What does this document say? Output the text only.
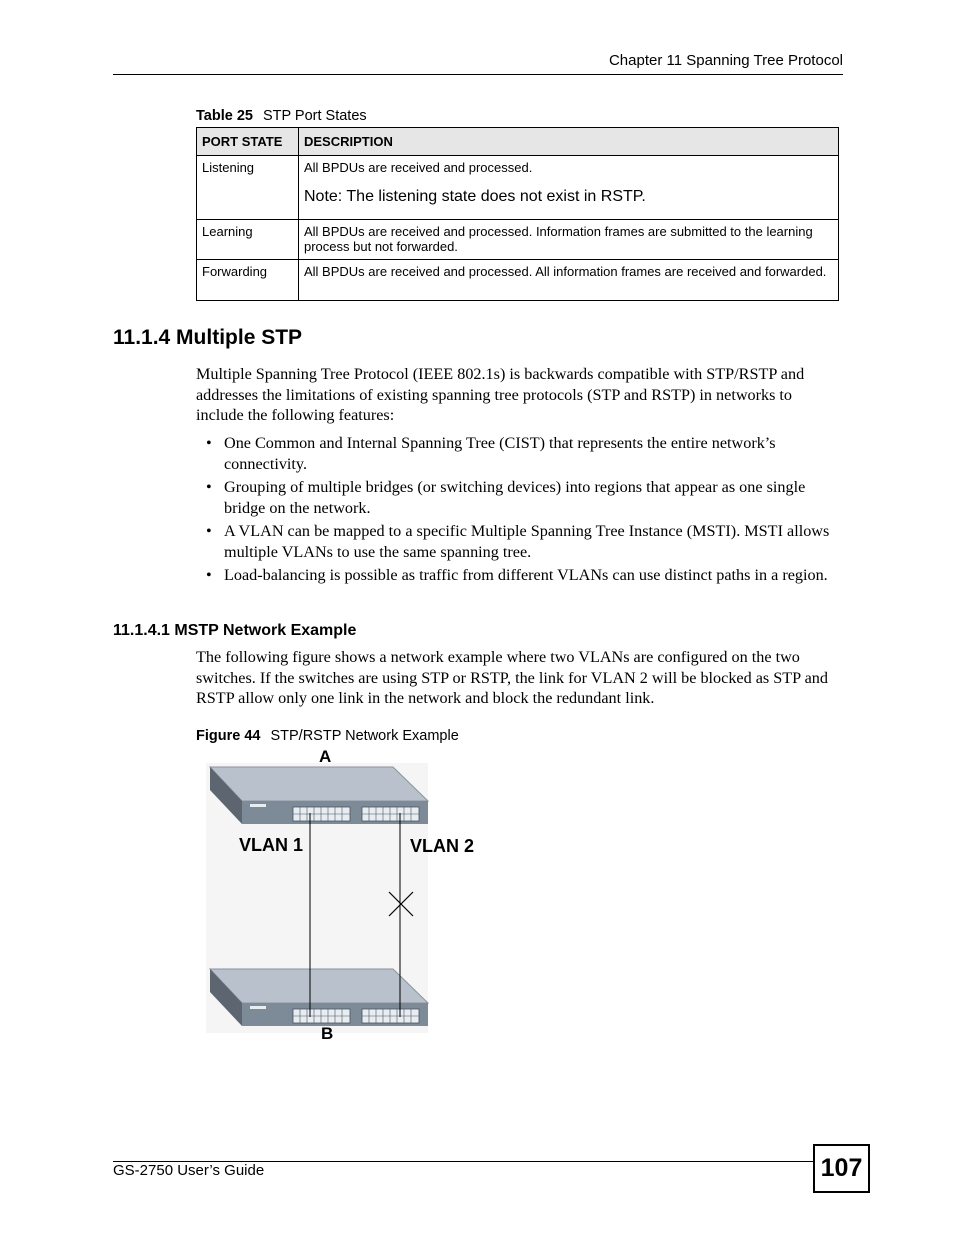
Chapter 11 Spanning Tree Protocol
Table 25 STP Port States
PORT STATE	DESCRIPTION
Listening	All BPDUs are received and processed.
Note: The listening state does not exist in RSTP.

Learning	All BPDUs are received and processed. Information frames are submitted to the learning process but not forwarded.
Forwarding	All BPDUs are received and processed. All information frames are received and forwarded.
11.1.4 Multiple STP
Multiple Spanning Tree Protocol (IEEE 802.1s) is backwards compatible with STP/RSTP and addresses the limitations of existing spanning tree protocols (STP and RSTP) in networks to include the following features:
• One Common and Internal Spanning Tree (CIST) that represents the entire network’s connectivity.
• Grouping of multiple bridges (or switching devices) into regions that appear as one single bridge on the network.
• A VLAN can be mapped to a specific Multiple Spanning Tree Instance (MSTI). MSTI allows multiple VLANs to use the same spanning tree.
• Load-balancing is possible as traffic from different VLANs can use distinct paths in a region.
11.1.4.1 MSTP Network Example
The following figure shows a network example where two VLANs are configured on the two switches. If the switches are using STP or RSTP, the link for VLAN 2 will be blocked as STP and RSTP allow only one link in the network and block the redundant link.
Figure 44 STP/RSTP Network Example
A
B
VLAN 1	VLAN 2
GS-2750 User’s Guide	107
